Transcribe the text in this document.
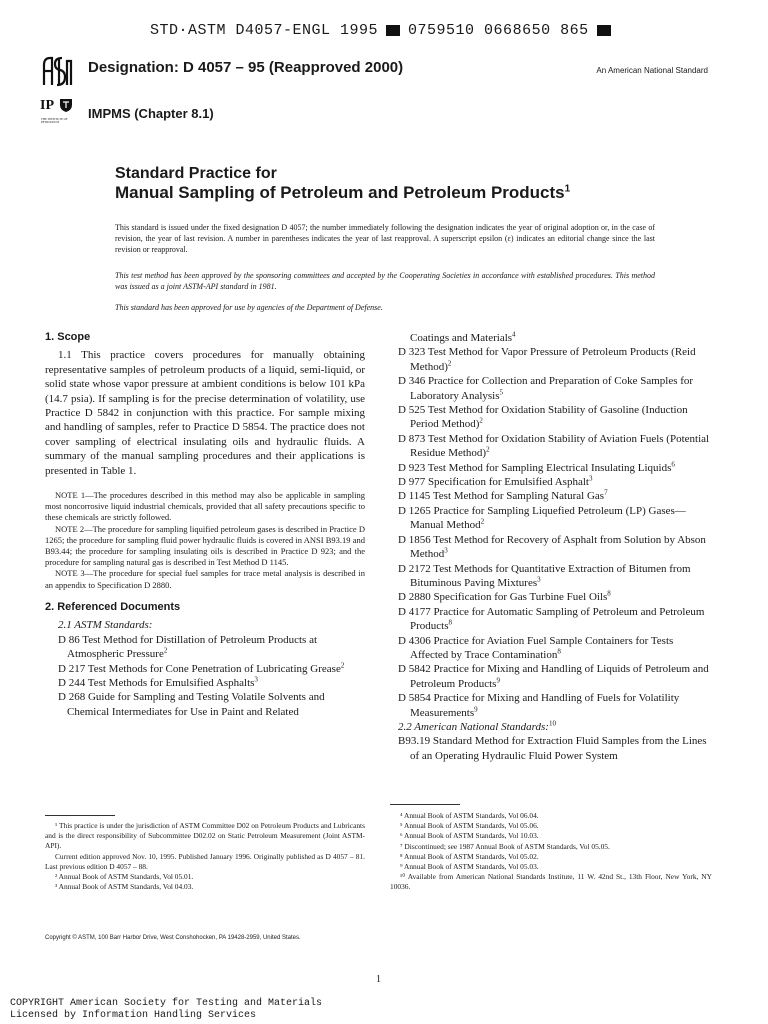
STD·ASTM D4057-ENGL 1995 0759510 0668650 865
Designation: D 4057 – 95 (Reapproved 2000)	An American National Standard
IP
THE INSTITUTE OF PETROLEUM
IMPMS (Chapter 8.1)
Standard Practice for
Manual Sampling of Petroleum and Petroleum Products$^1$
This standard is issued under the fixed designation D 4057; the number immediately following the designation indicates the year of original adoption or, in the case of revision, the year of last revision. A number in parentheses indicates the year of last reapproval. A superscript epsilon (ε) indicates an editorial change since the last revision or reapproval.
This test method has been approved by the sponsoring committees and accepted by the Cooperating Societies in accordance with established procedures. This method was issued as a joint ASTM-API standard in 1981.
This standard has been approved for use by agencies of the Department of Defense.
1. Scope

1.1 This practice covers procedures for manually obtaining representative samples of petroleum products of a liquid, semi-liquid, or solid state whose vapor pressure at ambient conditions is below 101 kPa (14.7 psia). If sampling is for the precise determination of volatility, use Practice D 5842 in conjunction with this practice. For sample mixing and handling of samples, refer to Practice D 5854. The practice does not cover sampling of electrical insulating oils and hydraulic fluids. A summary of the manual sampling procedures and their applications is presented in Table 1.

NOTE 1—The procedures described in this method may also be applicable in sampling most noncorrosive liquid industrial chemicals, provided that all safety precautions specific to these chemicals are strictly followed.

NOTE 2—The procedure for sampling liquified petroleum gases is described in Practice D 1265; the procedure for sampling fluid power hydraulic fluids is covered in ANSI B93.19 and B93.44; the procedure for sampling insulating oils is described in Practice D 923; and the procedure for sampling natural gas is described in Test Method D 1145.

NOTE 3—The procedure for special fuel samples for trace metal analysis is described in an appendix to Specification D 2880.

2. Referenced Documents

2.1 ASTM Standards:

D 86 Test Method for Distillation of Petroleum Products at Atmospheric Pressure$^2$

D 217 Test Methods for Cone Penetration of Lubricating Grease$^2$

D 244 Test Methods for Emulsified Asphalts$^3$

D 268 Guide for Sampling and Testing Volatile Solvents and Chemical Intermediates for Use in Paint and Related

Coatings and Materials$^4$

D 323 Test Method for Vapor Pressure of Petroleum Products (Reid Method)$^2$

D 346 Practice for Collection and Preparation of Coke Samples for Laboratory Analysis$^5$

D 525 Test Method for Oxidation Stability of Gasoline (Induction Period Method)$^2$

D 873 Test Method for Oxidation Stability of Aviation Fuels (Potential Residue Method)$^2$

D 923 Test Method for Sampling Electrical Insulating Liquids$^6$

D 977 Specification for Emulsified Asphalt$^3$

D 1145 Test Method for Sampling Natural Gas$^7$

D 1265 Practice for Sampling Liquefied Petroleum (LP) Gases—Manual Method$^2$

D 1856 Test Method for Recovery of Asphalt from Solution by Abson Method$^3$

D 2172 Test Methods for Quantitative Extraction of Bitumen from Bituminous Paving Mixtures$^3$

D 2880 Specification for Gas Turbine Fuel Oils$^8$

D 4177 Practice for Automatic Sampling of Petroleum and Petroleum Products$^8$

D 4306 Practice for Aviation Fuel Sample Containers for Tests Affected by Trace Contamination$^8$

D 5842 Practice for Mixing and Handling of Liquids of Petroleum and Petroleum Products$^9$

D 5854 Practice for Mixing and Handling of Fuels for Volatility Measurements$^9$

2.2 American National Standards:$^{10}$

B93.19 Standard Method for Extraction Fluid Samples from the Lines of an Operating Hydraulic Fluid Power System

¹ This practice is under the jurisdiction of ASTM Committee D02 on Petroleum Products and Lubricants and is the direct responsibility of Subcommittee D02.02 on Static Petroleum Measurement (Joint ASTM-API).

Current edition approved Nov. 10, 1995. Published January 1996. Originally published as D 4057 – 81. Last previous edition D 4057 – 88.

² Annual Book of ASTM Standards, Vol 05.01.

³ Annual Book of ASTM Standards, Vol 04.03.

⁴ Annual Book of ASTM Standards, Vol 06.04.

⁵ Annual Book of ASTM Standards, Vol 05.06.

⁶ Annual Book of ASTM Standards, Vol 10.03.

⁷ Discontinued; see 1987 Annual Book of ASTM Standards, Vol 05.05.

⁸ Annual Book of ASTM Standards, Vol 05.02.

⁹ Annual Book of ASTM Standards, Vol 05.03.

¹⁰ Available from American National Standards Institute, 11 W. 42nd St., 13th Floor, New York, NY 10036.

Copyright © ASTM, 100 Barr Harbor Drive, West Conshohocken, PA 19428-2959, United States.
1
COPYRIGHT American Society for Testing and Materials
Licensed by Information Handling Services
